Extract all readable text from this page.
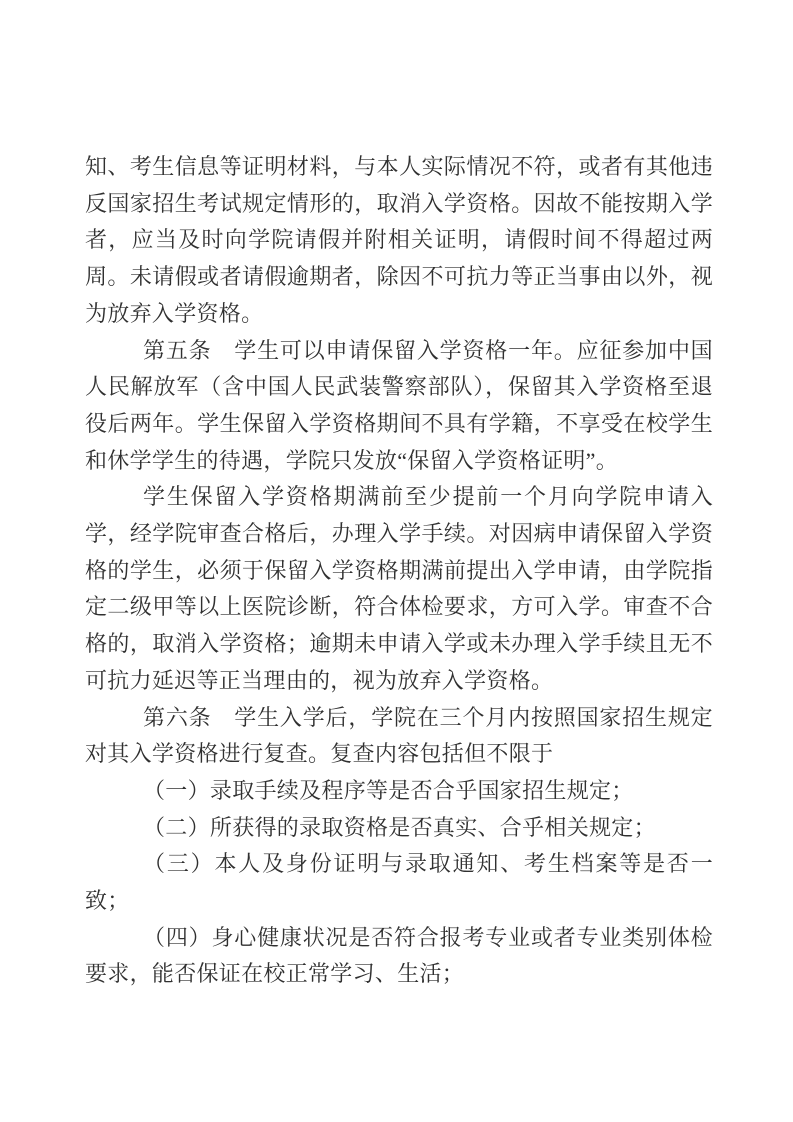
知、考生信息等证明材料，与本人实际情况不符，或者有其他违反国家招生考试规定情形的，取消入学资格。因故不能按期入学者，应当及时向学院请假并附相关证明，请假时间不得超过两周。未请假或者请假逾期者，除因不可抗力等正当事由以外，视为放弃入学资格。

第五条　学生可以申请保留入学资格一年。应征参加中国人民解放军（含中国人民武装警察部队），保留其入学资格至退役后两年。学生保留入学资格期间不具有学籍，不享受在校学生和休学学生的待遇，学院只发放“保留入学资格证明”。

学生保留入学资格期满前至少提前一个月向学院申请入学，经学院审查合格后，办理入学手续。对因病申请保留入学资格的学生，必须于保留入学资格期满前提出入学申请，由学院指定二级甲等以上医院诊断，符合体检要求，方可入学。审查不合格的，取消入学资格；逾期未申请入学或未办理入学手续且无不可抗力延迟等正当理由的，视为放弃入学资格。

第六条　学生入学后，学院在三个月内按照国家招生规定对其入学资格进行复查。复查内容包括但不限于

（一）录取手续及程序等是否合乎国家招生规定；

（二）所获得的录取资格是否真实、合乎相关规定；

（三）本人及身份证明与录取通知、考生档案等是否一致；

（四）身心健康状况是否符合报考专业或者专业类别体检要求，能否保证在校正常学习、生活；
